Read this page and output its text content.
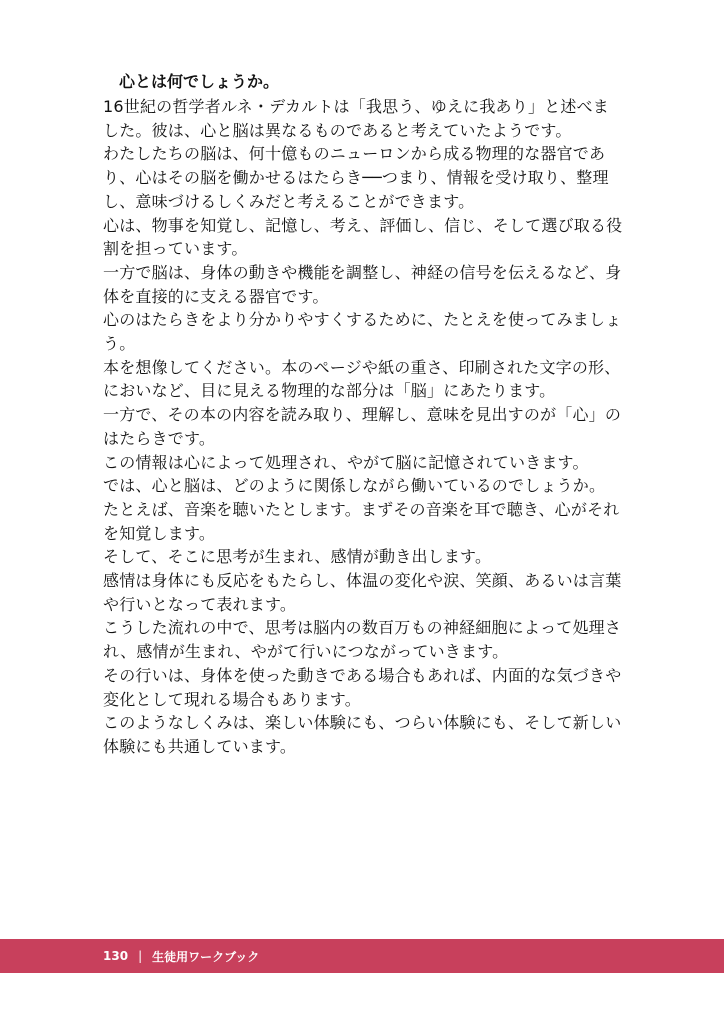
心とは何でしょうか。

16世紀の哲学者ルネ・デカルトは「我思う、ゆえに我あり」と述べました。彼は、心と脳は異なるものであると考えていたようです。

わたしたちの脳は、何十億ものニューロンから成る物理的な器官であり、心はその脳を働かせるはたらき──つまり、情報を受け取り、整理し、意味づけるしくみだと考えることができます。

心は、物事を知覚し、記憶し、考え、評価し、信じ、そして選び取る役割を担っています。

一方で脳は、身体の動きや機能を調整し、神経の信号を伝えるなど、身体を直接的に支える器官です。

心のはたらきをより分かりやすくするために、たとえを使ってみましょう。

本を想像してください。本のページや紙の重さ、印刷された文字の形、においなど、目に見える物理的な部分は「脳」にあたります。

一方で、その本の内容を読み取り、理解し、意味を見出すのが「心」のはたらきです。

この情報は心によって処理され、やがて脳に記憶されていきます。

では、心と脳は、どのように関係しながら働いているのでしょうか。

たとえば、音楽を聴いたとします。まずその音楽を耳で聴き、心がそれを知覚します。

そして、そこに思考が生まれ、感情が動き出します。

感情は身体にも反応をもたらし、体温の変化や涙、笑顔、あるいは言葉や行いとなって表れます。

こうした流れの中で、思考は脳内の数百万もの神経細胞によって処理され、感情が生まれ、やがて行いにつながっていきます。

その行いは、身体を使った動きである場合もあれば、内面的な気づきや変化として現れる場合もあります。

このようなしくみは、楽しい体験にも、つらい体験にも、そして新しい体験にも共通しています。

130 | 生徒用ワークブック
